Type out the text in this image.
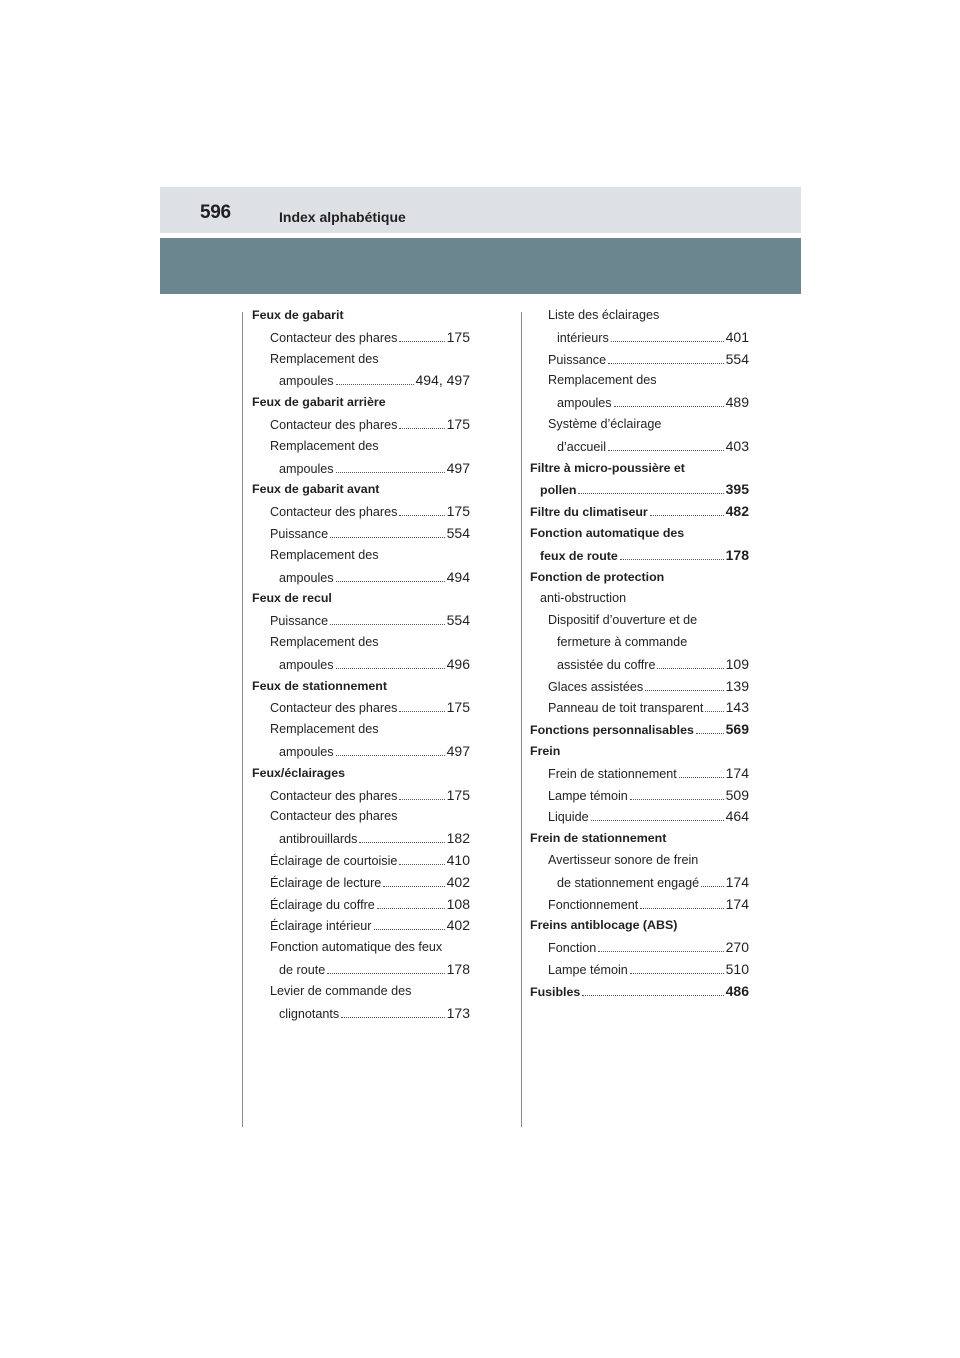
596	Index alphabétique
Feux de gabarit
Contacteur des phares	175
Remplacement des
ampoules	494, 497
Feux de gabarit arrière
Contacteur des phares	175
Remplacement des
ampoules	497
Feux de gabarit avant
Contacteur des phares	175
Puissance	554
Remplacement des
ampoules	494
Feux de recul
Puissance	554
Remplacement des
ampoules	496
Feux de stationnement
Contacteur des phares	175
Remplacement des
ampoules	497
Feux/éclairages
Contacteur des phares	175
Contacteur des phares
antibrouillards	182
Éclairage de courtoisie	410
Éclairage de lecture	402
Éclairage du coffre	108
Éclairage intérieur	402
Fonction automatique des feux
de route	178
Levier de commande des
clignotants	173
Liste des éclairages
intérieurs	401
Puissance	554
Remplacement des
ampoules	489
Système d’éclairage
d’accueil	403
Filtre à micro-poussière et
pollen	395
Filtre du climatiseur	482
Fonction automatique des
feux de route	178
Fonction de protection
anti-obstruction
Dispositif d’ouverture et de
fermeture à commande
assistée du coffre	109
Glaces assistées	139
Panneau de toit transparent 143
Fonctions personnalisables 569
Frein
Frein de stationnement	174
Lampe témoin	509
Liquide	464
Frein de stationnement
Avertisseur sonore de frein
de stationnement engagé 174
Fonctionnement	174
Freins antiblocage (ABS)
Fonction	270
Lampe témoin	510
Fusibles	486
